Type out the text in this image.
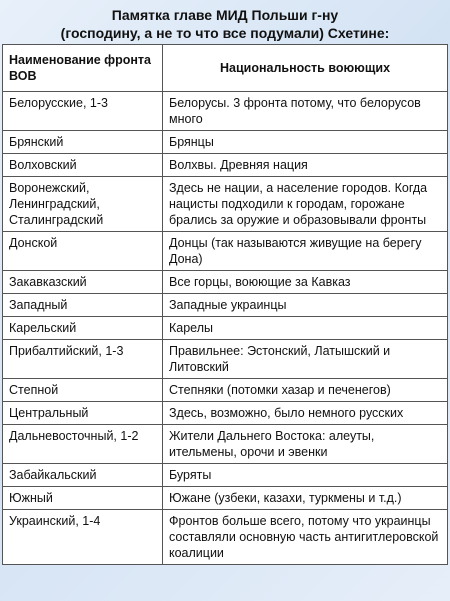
Памятка главе МИД Польши г-ну
(господину, а не то что все подумали) Схетине:
Наименование фронта ВОВ	Национальность воюющих
Белорусские, 1-3	Белорусы. 3 фронта потому, что белорусов много
Брянский	Брянцы
Волховский	Волхвы. Древняя нация
Воронежский, Ленинградский, Сталинградский	Здесь не нации, а население городов. Когда нацисты подходили к городам, горожане брались за оружие и образовывали фронты
Донской	Донцы (так называются живущие на берегу Дона)
Закавказский	Все горцы, воюющие за Кавказ
Западный	Западные украинцы
Карельский	Карелы
Прибалтийский, 1-3	Правильнее: Эстонский, Латышский и Литовский
Степной	Степняки (потомки хазар и печенегов)
Центральный	Здесь, возможно, было немного русских
Дальневосточный, 1-2	Жители Дальнего Востока: алеуты, ительмены, орочи и эвенки
Забайкальский	Буряты
Южный	Южане (узбеки, казахи, туркмены и т.д.)
Украинский, 1-4	Фронтов больше всего, потому что украинцы составляли основную часть антигитлеровской коалиции
